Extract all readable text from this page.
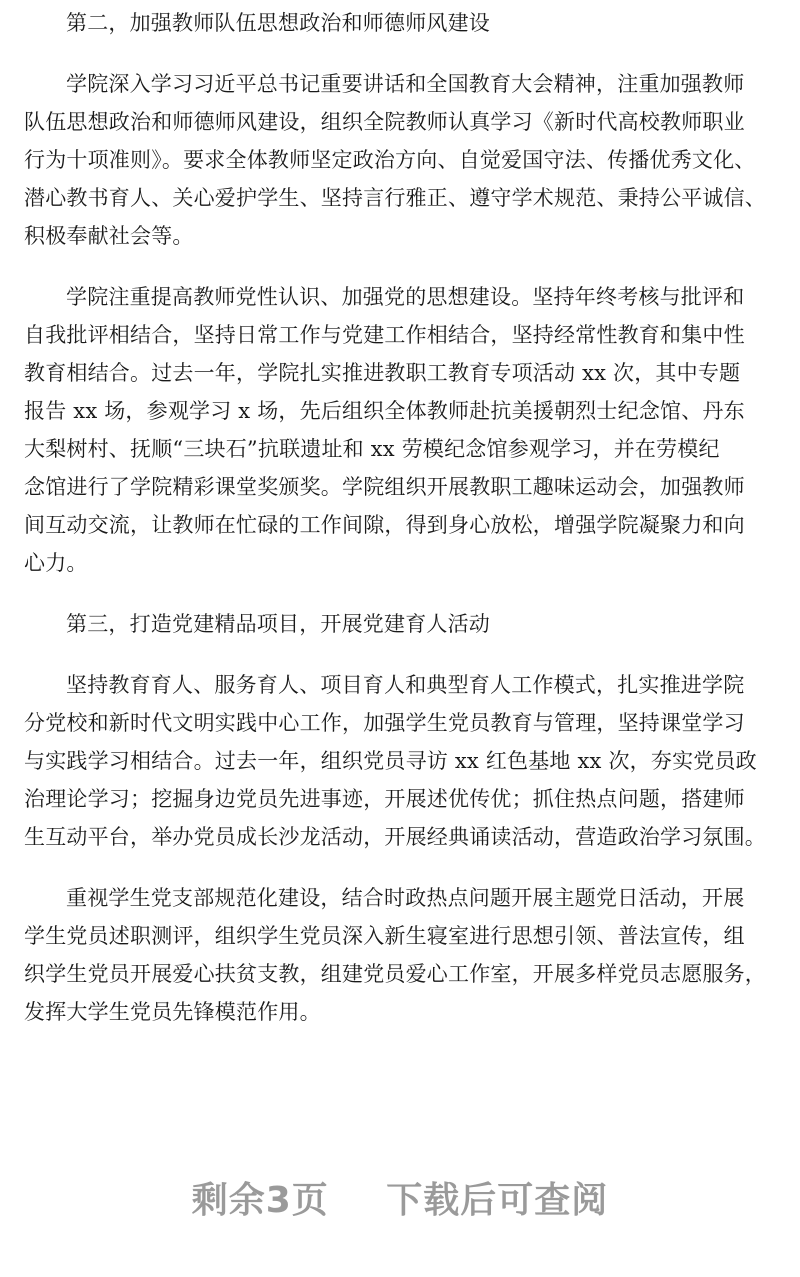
第二，加强教师队伍思想政治和师德师风建设
学院深入学习习近平总书记重要讲话和全国教育大会精神，注重加强教师
队伍思想政治和师德师风建设，组织全院教师认真学习《新时代高校教师职业
行为十项准则》。要求全体教师坚定政治方向、自觉爱国守法、传播优秀文化、
潜心教书育人、关心爱护学生、坚持言行雅正、遵守学术规范、秉持公平诚信、
积极奉献社会等。
学院注重提高教师党性认识、加强党的思想建设。坚持年终考核与批评和
自我批评相结合，坚持日常工作与党建工作相结合，坚持经常性教育和集中性
教育相结合。过去一年，学院扎实推进教职工教育专项活动 xx 次，其中专题
报告 xx 场，参观学习 x 场，先后组织全体教师赴抗美援朝烈士纪念馆、丹东
大梨树村、抚顺“三块石”抗联遗址和 xx 劳模纪念馆参观学习，并在劳模纪
念馆进行了学院精彩课堂奖颁奖。学院组织开展教职工趣味运动会，加强教师
间互动交流，让教师在忙碌的工作间隙，得到身心放松，增强学院凝聚力和向
心力。
第三，打造党建精品项目，开展党建育人活动
坚持教育育人、服务育人、项目育人和典型育人工作模式，扎实推进学院
分党校和新时代文明实践中心工作，加强学生党员教育与管理，坚持课堂学习
与实践学习相结合。过去一年，组织党员寻访 xx 红色基地 xx 次，夯实党员政
治理论学习；挖掘身边党员先进事迹，开展述优传优；抓住热点问题，搭建师
生互动平台，举办党员成长沙龙活动，开展经典诵读活动，营造政治学习氛围。
重视学生党支部规范化建设，结合时政热点问题开展主题党日活动，开展
学生党员述职测评，组织学生党员深入新生寝室进行思想引领、普法宣传，组
织学生党员开展爱心扶贫支教，组建党员爱心工作室，开展多样党员志愿服务，
发挥大学生党员先锋模范作用。
剩余3页 下载后可查阅
